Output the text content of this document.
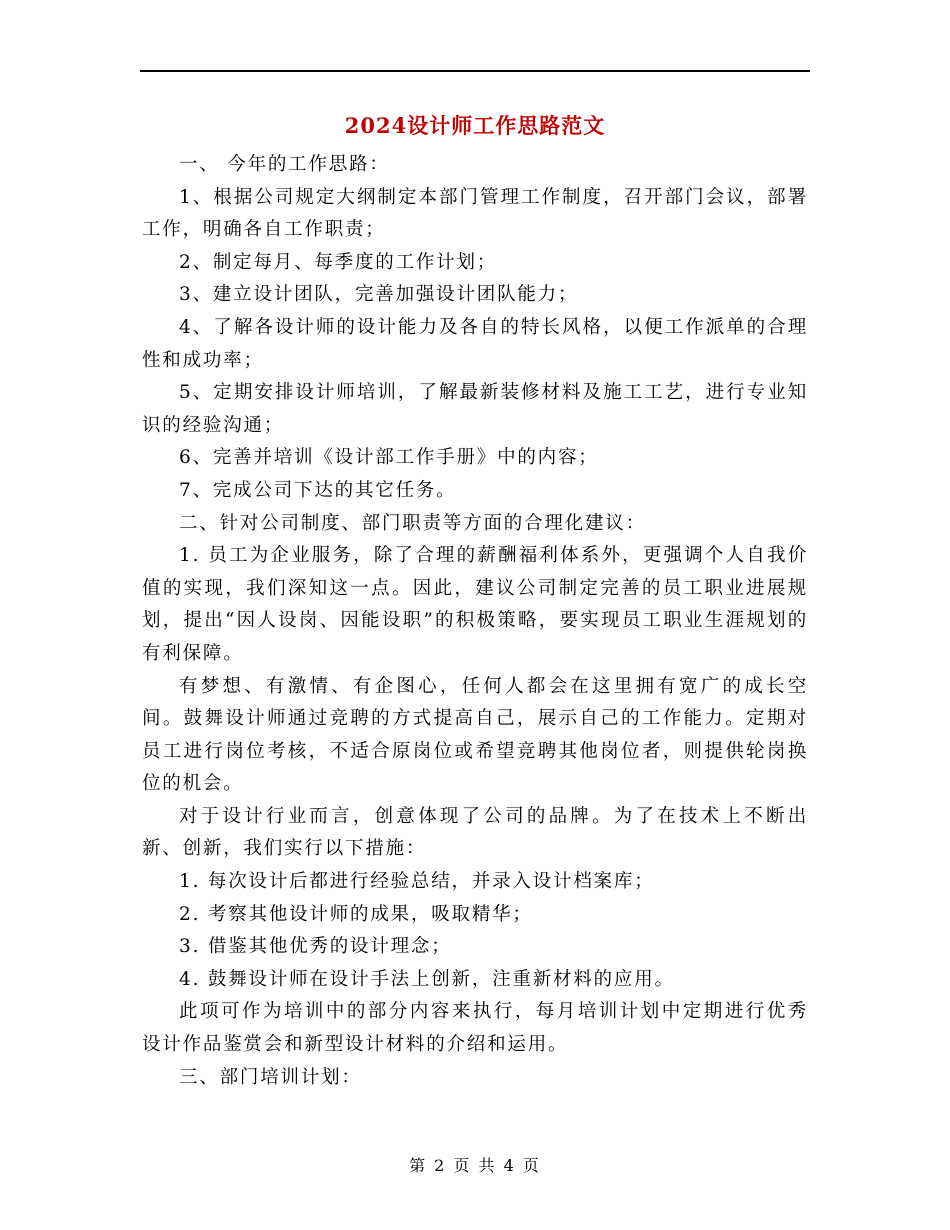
2024设计师工作思路范文

一、 今年的工作思路：

1、根据公司规定大纲制定本部门管理工作制度，召开部门会议，部署工作，明确各自工作职责；

2、制定每月、每季度的工作计划；

3、建立设计团队，完善加强设计团队能力；

4、了解各设计师的设计能力及各自的特长风格，以便工作派单的合理性和成功率；

5、定期安排设计师培训，了解最新装修材料及施工工艺，进行专业知识的经验沟通；

6、完善并培训《设计部工作手册》中的内容；

7、完成公司下达的其它任务。

二、针对公司制度、部门职责等方面的合理化建议：

1. 员工为企业服务，除了合理的薪酬福利体系外，更强调个人自我价值的实现，我们深知这一点。因此，建议公司制定完善的员工职业进展规划，提出“因人设岗、因能设职”的积极策略，要实现员工职业生涯规划的有利保障。

有梦想、有激情、有企图心，任何人都会在这里拥有宽广的成长空间。鼓舞设计师通过竞聘的方式提高自己，展示自己的工作能力。定期对员工进行岗位考核，不适合原岗位或希望竞聘其他岗位者，则提供轮岗换位的机会。

对于设计行业而言，创意体现了公司的品牌。为了在技术上不断出新、创新，我们实行以下措施：

1. 每次设计后都进行经验总结，并录入设计档案库；

2. 考察其他设计师的成果，吸取精华；

3. 借鉴其他优秀的设计理念；

4. 鼓舞设计师在设计手法上创新，注重新材料的应用。

此项可作为培训中的部分内容来执行，每月培训计划中定期进行优秀设计作品鉴赏会和新型设计材料的介绍和运用。

三、部门培训计划：

第 2 页 共 4 页
